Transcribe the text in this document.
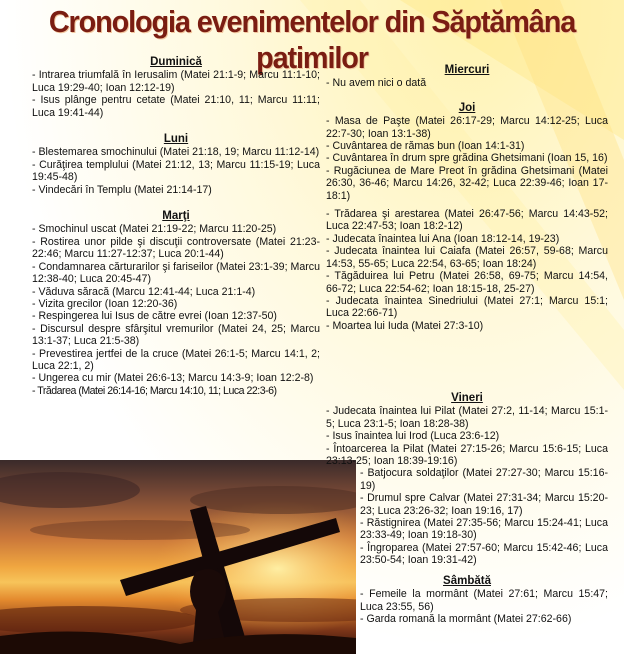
Cronologia evenimentelor din Săptămâna patimilor
Duminică

- Intrarea triumfală în Ierusalim (Matei 21:1-9; Marcu 11:1-10; Luca 19:29-40; Ioan 12:12-19)

- Isus plânge pentru cetate (Matei 21:10, 11; Marcu 11:11; Luca 19:41-44)

Luni

- Blestemarea smochinului (Matei 21:18, 19; Marcu 11:12-14)

- Curăţirea templului (Matei 21:12, 13; Marcu 11:15-19; Luca 19:45-48)

- Vindecări în Templu (Matei 21:14-17)

Marţi

- Smochinul uscat (Matei 21:19-22; Marcu 11:20-25)

- Rostirea unor pilde şi discuţii controversate (Matei 21:23-22:46; Marcu 11:27-12:37; Luca 20:1-44)

- Condamnarea cărturarilor şi fariseilor (Matei 23:1-39; Marcu 12:38-40; Luca 20:45-47)

- Văduva săracă (Marcu 12:41-44; Luca 21:1-4)

- Vizita grecilor (Ioan 12:20-36)

- Respingerea lui Isus de către evrei (Ioan 12:37-50)

- Discursul despre sfârşitul vremurilor (Matei 24, 25; Marcu 13:1-37; Luca 21:5-38)

- Prevestirea jertfei de la cruce (Matei 26:1-5; Marcu 14:1, 2; Luca 22:1, 2)

- Ungerea cu mir (Matei 26:6-13; Marcu 14:3-9; Ioan 12:2-8)

- Trădarea (Matei 26:14-16; Marcu 14:10, 11; Luca 22:3-6)

Miercuri

- Nu avem nici o dată

Joi

- Masa de Paşte (Matei 26:17-29; Marcu 14:12-25; Luca 22:7-30; Ioan 13:1-38)

- Cuvântarea de rămas bun (Ioan 14:1-31)

- Cuvântarea în drum spre grădina Ghetsimani (Ioan 15, 16)

- Rugăciunea de Mare Preot în grădina Ghetsimani (Matei 26:30, 36-46; Marcu 14:26, 32-42; Luca 22:39-46; Ioan 17-18:1)

- Trădarea şi arestarea (Matei 26:47-56; Marcu 14:43-52; Luca 22:47-53; Ioan 18:2-12)

- Judecata înaintea lui Ana (Ioan 18:12-14, 19-23)

- Judecata înaintea lui Caiafa (Matei 26:57, 59-68; Marcu 14:53, 55-65; Luca 22:54, 63-65; Ioan 18:24)

- Tăgăduirea lui Petru (Matei 26:58, 69-75; Marcu 14:54, 66-72; Luca 22:54-62; Ioan 18:15-18, 25-27)

- Judecata înaintea Sinedriului (Matei 27:1; Marcu 15:1; Luca 22:66-71)

- Moartea lui Iuda (Matei 27:3-10)

Vineri

- Judecata înaintea lui Pilat (Matei 27:2, 11-14; Marcu 15:1-5; Luca 23:1-5; Ioan 18:28-38)

- Isus înaintea lui Irod (Luca 23:6-12)

- Întoarcerea la Pilat (Matei 27:15-26; Marcu 15:6-15; Luca 23:13-25; Ioan 18:39-19:16)

- Batjocura soldaţilor (Matei 27:27-30; Marcu 15:16-19)

- Drumul spre Calvar (Matei 27:31-34; Marcu 15:20-23; Luca 23:26-32; Ioan 19:16, 17)

- Răstignirea (Matei 27:35-56; Marcu 15:24-41; Luca 23:33-49; Ioan 19:18-30)

- Îngroparea (Matei 27:57-60; Marcu 15:42-46; Luca 23:50-54; Ioan 19:31-42)

Sâmbătă

- Femeile la mormânt (Matei 27:61; Marcu 15:47; Luca 23:55, 56)

- Garda romană la mormânt (Matei 27:62-66)
